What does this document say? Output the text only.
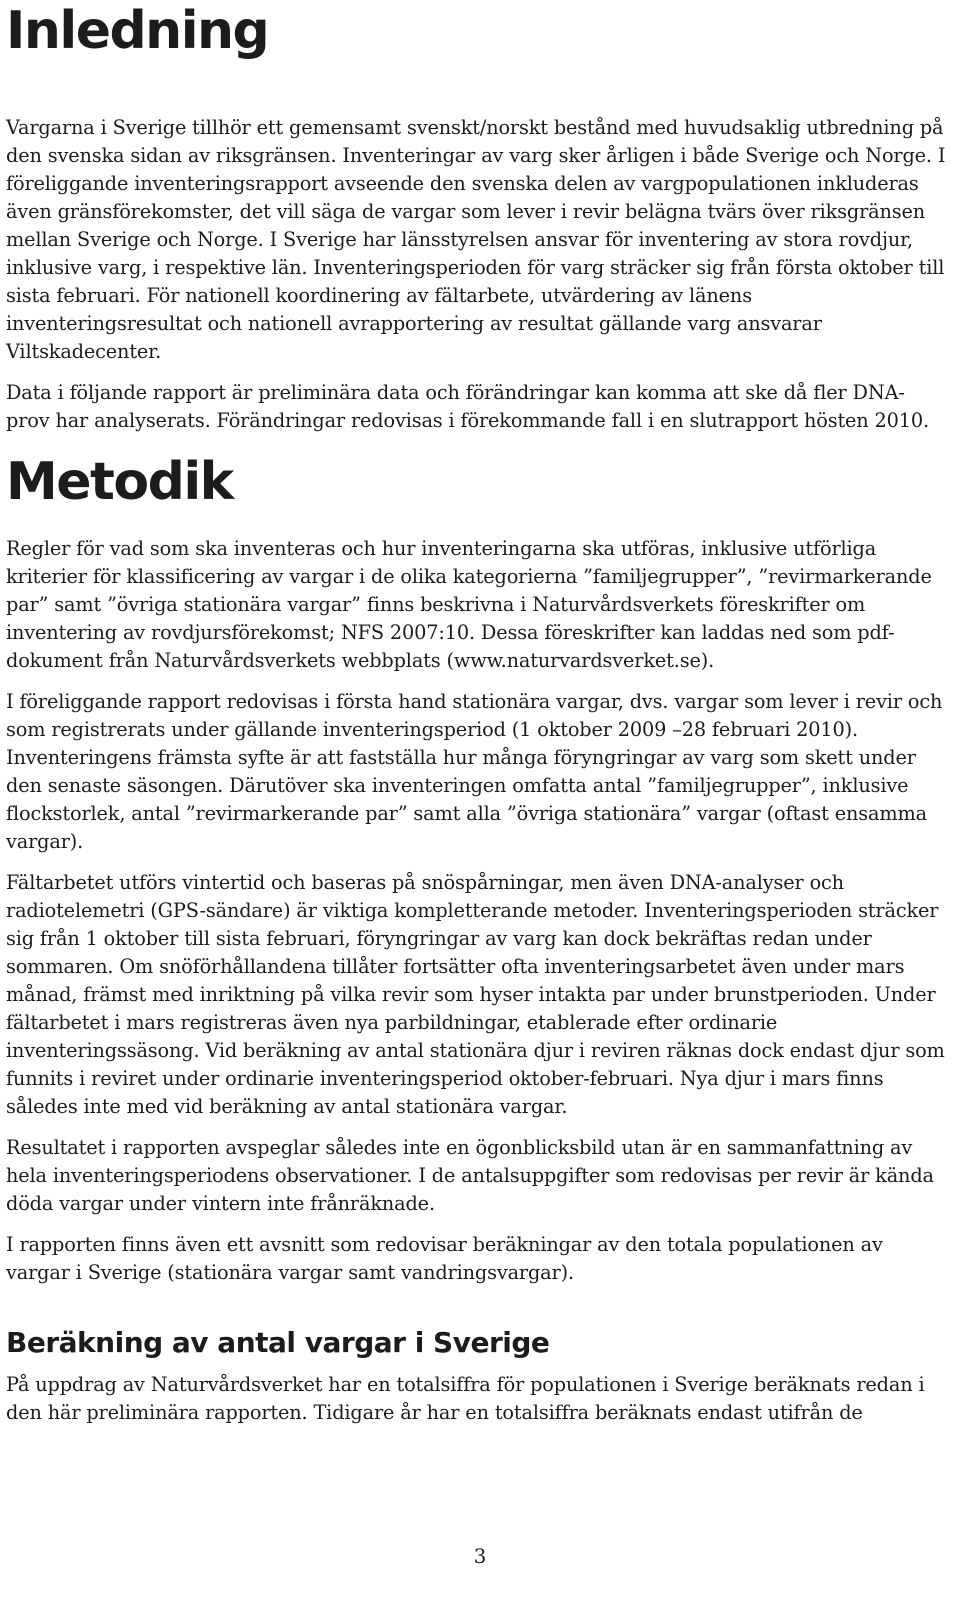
Inledning

Vargarna i Sverige tillhör ett gemensamt svenskt/norskt bestånd med huvudsaklig utbredning på den svenska sidan av riksgränsen. Inventeringar av varg sker årligen i både Sverige och Norge. I föreliggande inventeringsrapport avseende den svenska delen av vargpopulationen inkluderas även gränsförekomster, det vill säga de vargar som lever i revir belägna tvärs över riksgränsen mellan Sverige och Norge. I Sverige har länsstyrelsen ansvar för inventering av stora rovdjur, inklusive varg, i respektive län. Inventeringsperioden för varg sträcker sig från första oktober till sista februari. För nationell koordinering av fältarbete, utvärdering av länens inventeringsresultat och nationell avrapportering av resultat gällande varg ansvarar Viltskadecenter.

Data i följande rapport är preliminära data och förändringar kan komma att ske då fler DNA-prov har analyserats. Förändringar redovisas i förekommande fall i en slutrapport hösten 2010.

Metodik

Regler för vad som ska inventeras och hur inventeringarna ska utföras, inklusive utförliga kriterier för klassificering av vargar i de olika kategorierna ”familjegrupper”, ”revirmarkerande par” samt ”övriga stationära vargar” finns beskrivna i Naturvårdsverkets föreskrifter om inventering av rovdjursförekomst; NFS 2007:10. Dessa föreskrifter kan laddas ned som pdf-dokument från Naturvårdsverkets webbplats (www.naturvardsverket.se).

I föreliggande rapport redovisas i första hand stationära vargar, dvs. vargar som lever i revir och som registrerats under gällande inventeringsperiod (1 oktober 2009 –28 februari 2010). Inventeringens främsta syfte är att fastställa hur många föryngringar av varg som skett under den senaste säsongen. Därutöver ska inventeringen omfatta antal ”familjegrupper”, inklusive flockstorlek, antal ”revirmarkerande par” samt alla ”övriga stationära” vargar (oftast ensamma vargar).

Fältarbetet utförs vintertid och baseras på snöspårningar, men även DNA-analyser och radiotelemetri (GPS-sändare) är viktiga kompletterande metoder. Inventeringsperioden sträcker sig från 1 oktober till sista februari, föryngringar av varg kan dock bekräftas redan under sommaren. Om snöförhållandena tillåter fortsätter ofta inventeringsarbetet även under mars månad, främst med inriktning på vilka revir som hyser intakta par under brunstperioden. Under fältarbetet i mars registreras även nya parbildningar, etablerade efter ordinarie inventeringssäsong. Vid beräkning av antal stationära djur i reviren räknas dock endast djur som funnits i reviret under ordinarie inventeringsperiod oktober-februari. Nya djur i mars finns således inte med vid beräkning av antal stationära vargar.

Resultatet i rapporten avspeglar således inte en ögonblicksbild utan är en sammanfattning av hela inventeringsperiodens observationer. I de antalsuppgifter som redovisas per revir är kända döda vargar under vintern inte frånräknade.

I rapporten finns även ett avsnitt som redovisar beräkningar av den totala populationen av vargar i Sverige (stationära vargar samt vandringsvargar).

Beräkning av antal vargar i Sverige

På uppdrag av Naturvårdsverket har en totalsiffra för populationen i Sverige beräknats redan i den här preliminära rapporten. Tidigare år har en totalsiffra beräknats endast utifrån de

3
